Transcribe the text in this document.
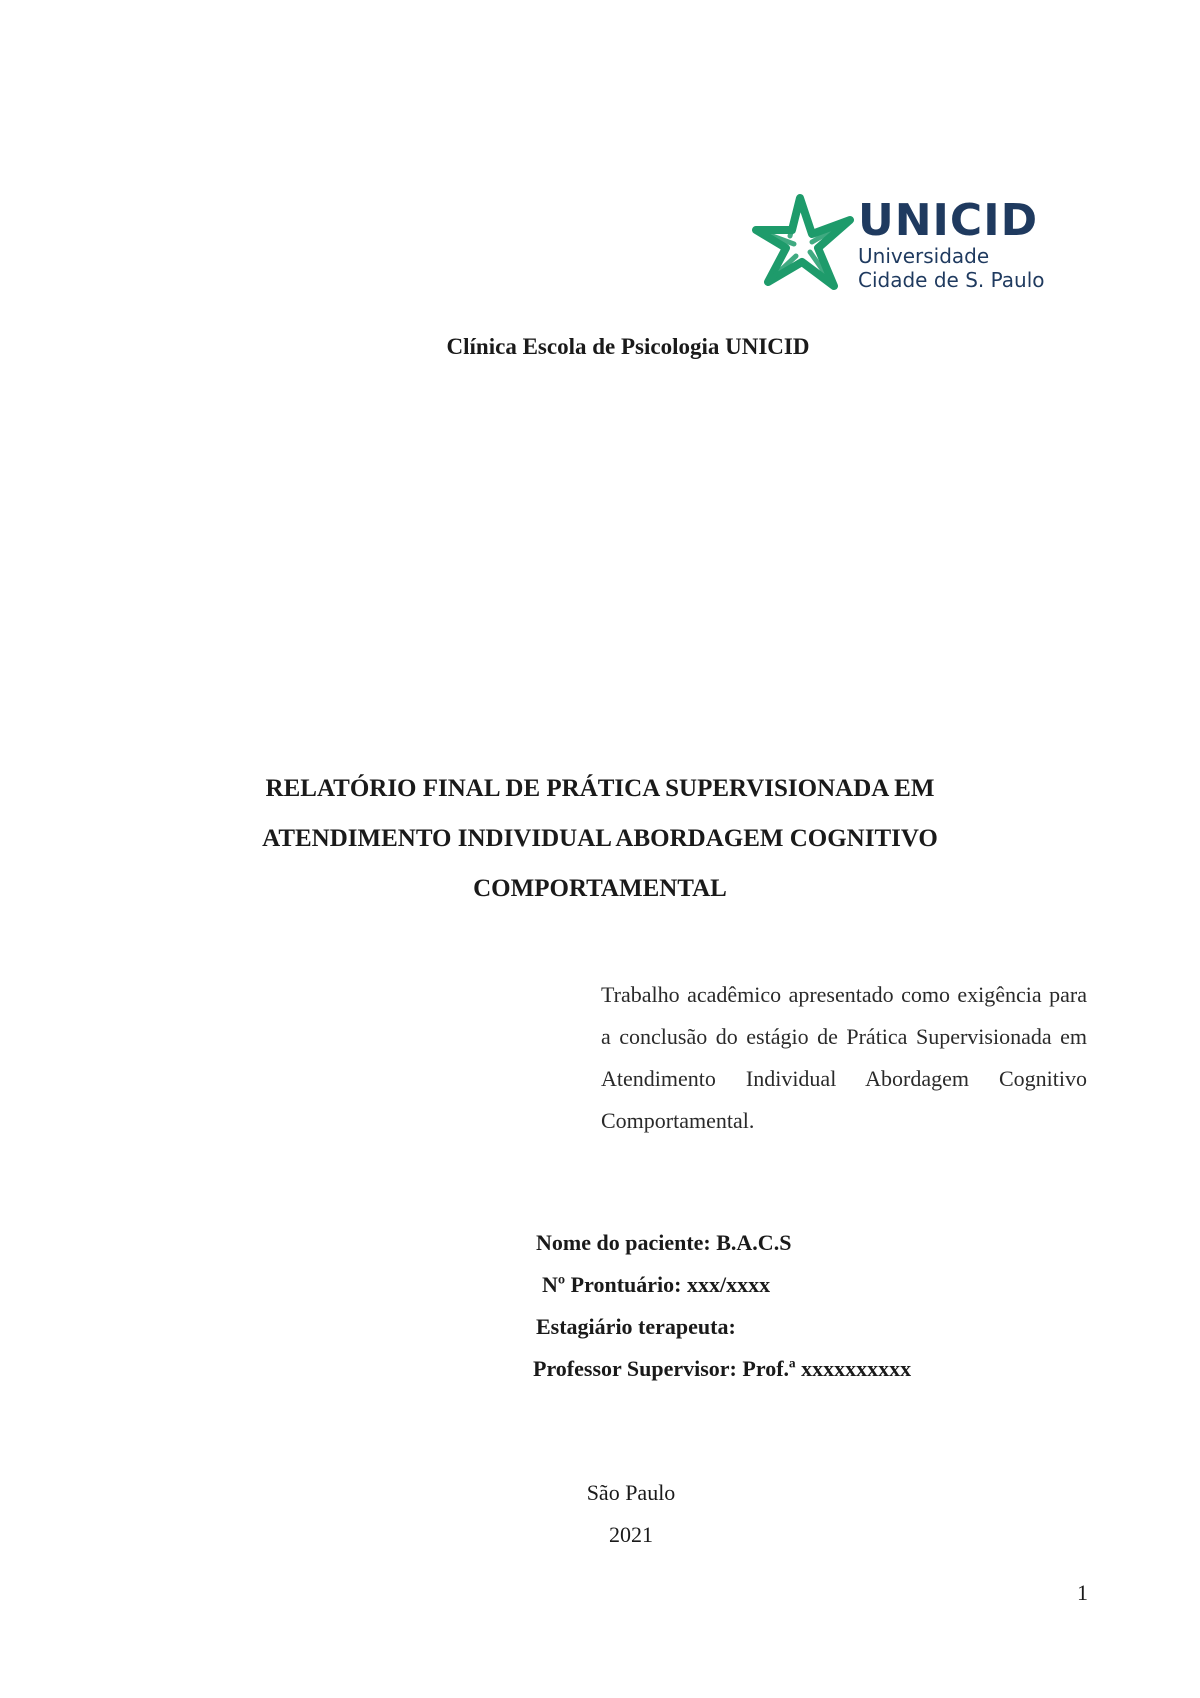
UNICID
Universidade
Cidade de S. Paulo

Clínica Escola de Psicologia UNICID

RELATÓRIO FINAL DE PRÁTICA SUPERVISIONADA EM
ATENDIMENTO INDIVIDUAL ABORDAGEM COGNITIVO
COMPORTAMENTAL

Trabalho acadêmico apresentado como exigência para a conclusão do estágio de Prática Supervisionada em Atendimento Individual Abordagem Cognitivo Comportamental.

Nome do paciente: B.A.C.S
Nº Prontuário: xxx/xxxx
Estagiário terapeuta:
Professor Supervisor: Prof.ª xxxxxxxxxx
São Paulo
2021
1
